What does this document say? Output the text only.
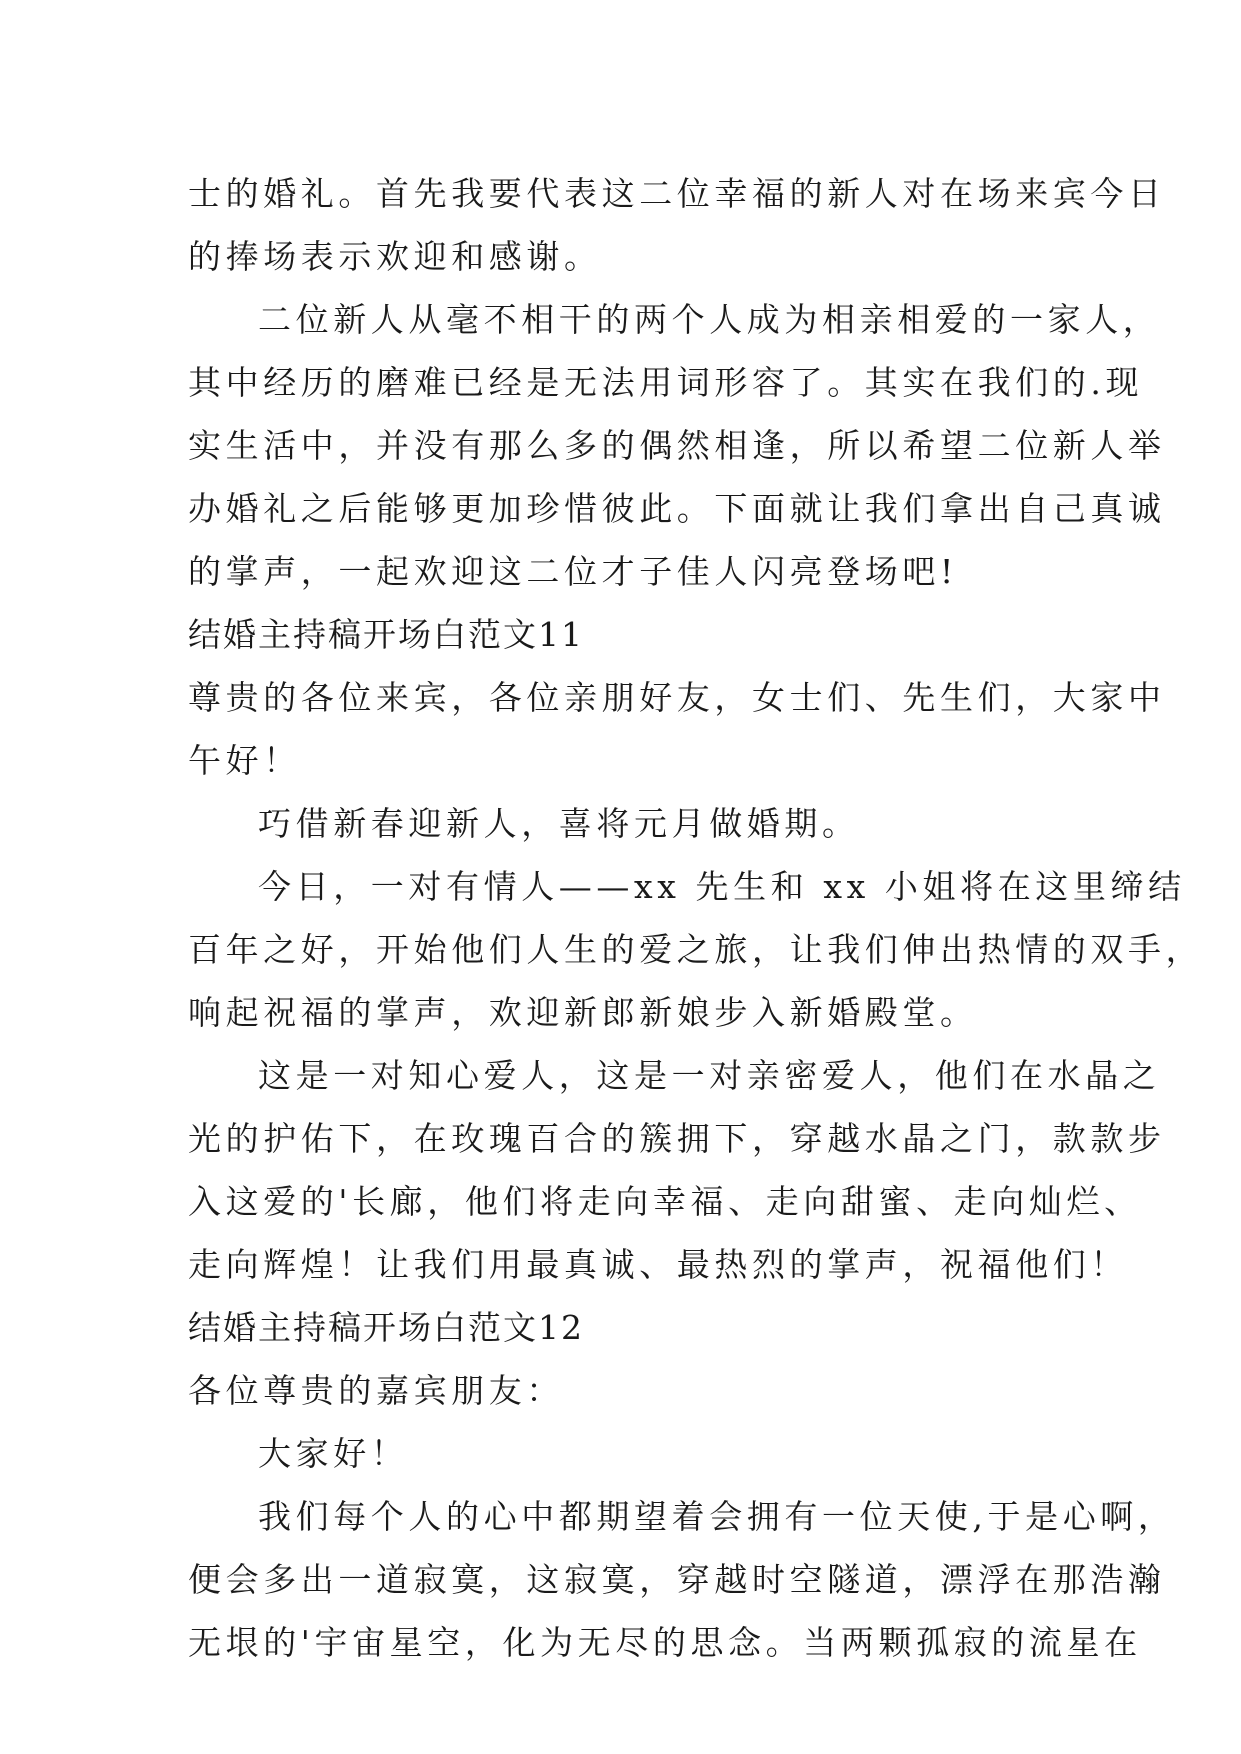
士的婚礼。首先我要代表这二位幸福的新人对在场来宾今日
的捧场表示欢迎和感谢。
二位新人从毫不相干的两个人成为相亲相爱的一家人，
其中经历的磨难已经是无法用词形容了。其实在我们的.现
实生活中，并没有那么多的偶然相逢，所以希望二位新人举
办婚礼之后能够更加珍惜彼此。下面就让我们拿出自己真诚
的掌声，一起欢迎这二位才子佳人闪亮登场吧!
结婚主持稿开场白范文11
尊贵的各位来宾，各位亲朋好友，女士们、先生们，大家中
午好！
巧借新春迎新人，喜将元月做婚期。
今日，一对有情人——xx 先生和 xx 小姐将在这里缔结
百年之好，开始他们人生的爱之旅，让我们伸出热情的双手，
响起祝福的掌声，欢迎新郎新娘步入新婚殿堂。
这是一对知心爱人，这是一对亲密爱人，他们在水晶之
光的护佑下，在玫瑰百合的簇拥下，穿越水晶之门，款款步
入这爱的'长廊，他们将走向幸福、走向甜蜜、走向灿烂、
走向辉煌！让我们用最真诚、最热烈的掌声，祝福他们！
结婚主持稿开场白范文12
各位尊贵的嘉宾朋友：
大家好！
我们每个人的心中都期望着会拥有一位天使,于是心啊，
便会多出一道寂寞，这寂寞，穿越时空隧道，漂浮在那浩瀚
无垠的'宇宙星空，化为无尽的思念。当两颗孤寂的流星在
